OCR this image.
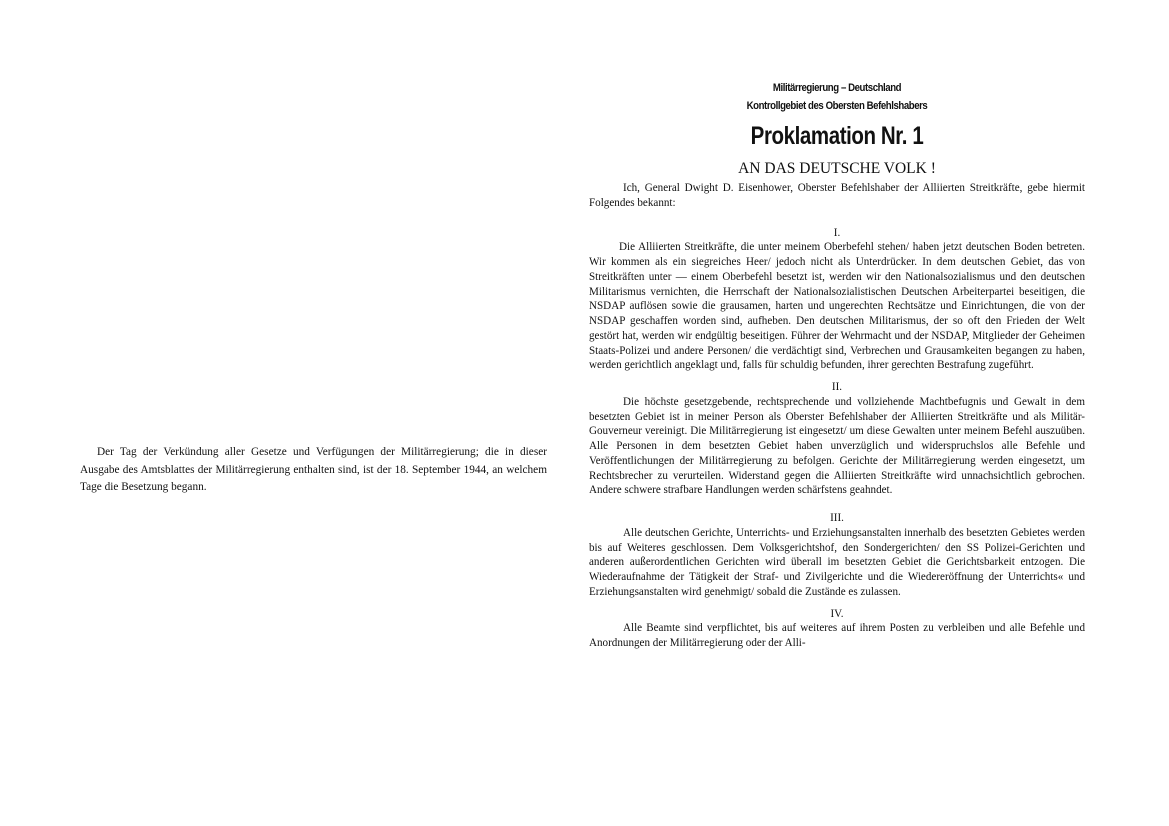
Der Tag der Verkündung aller Gesetze und Verfügungen der Militärregierung; die in dieser Ausgabe des Amtsblattes der Militärregierung enthalten sind, ist der 18. September 1944, an welchem Tage die Besetzung begann.

Militärregierung – Deutschland
Kontrollgebiet des Obersten Befehlshabers
Proklamation Nr. 1
AN DAS DEUTSCHE VOLK !

Ich, General Dwight D. Eisenhower, Oberster Befehlshaber der Alliierten Streitkräfte, gebe hiermit Folgendes bekannt:

I.

Die Alliierten Streitkräfte, die unter meinem Oberbefehl stehen/ haben jetzt deutschen Boden betreten. Wir kommen als ein siegreiches Heer/ jedoch nicht als Unterdrücker. In dem deutschen Gebiet, das von Streitkräften unter — einem Oberbefehl besetzt ist, werden wir den Nationalsozialismus und den deutschen Militarismus vernichten, die Herrschaft der Nationalsozialistischen Deutschen Arbeiterpartei beseitigen, die NSDAP auflösen sowie die grausamen, harten und ungerechten Rechtsätze und Einrichtungen, die von der NSDAP geschaffen worden sind, aufheben. Den deutschen Militarismus, der so oft den Frieden der Welt gestört hat, werden wir endgültig beseitigen. Führer der Wehrmacht und der NSDAP, Mitglieder der Geheimen Staats-Polizei und andere Personen/ die verdächtigt sind, Verbrechen und Grausamkeiten begangen zu haben, werden gerichtlich angeklagt und, falls für schuldig befunden, ihrer gerechten Bestrafung zugeführt.

II.

Die höchste gesetzgebende, rechtsprechende und vollziehende Machtbefugnis und Gewalt in dem besetzten Gebiet ist in meiner Person als Oberster Befehlshaber der Alliierten Streitkräfte und als Militär-Gouverneur vereinigt. Die Militärregierung ist eingesetzt/ um diese Gewalten unter meinem Befehl auszuüben. Alle Personen in dem besetzten Gebiet haben unverzüglich und widerspruchslos alle Befehle und Veröffentlichungen der Militärregierung zu befolgen. Gerichte der Militärregierung werden eingesetzt, um Rechtsbrecher zu verurteilen. Widerstand gegen die Alliierten Streitkräfte wird unnachsichtlich gebrochen. Andere schwere strafbare Handlungen werden schärfstens geahndet.

III.

Alle deutschen Gerichte, Unterrichts- und Erziehungsanstalten innerhalb des besetzten Gebietes werden bis auf Weiteres geschlossen. Dem Volksgerichtshof, den Sondergerichten/ den SS Polizei-Gerichten und anderen außerordentlichen Gerichten wird überall im besetzten Gebiet die Gerichtsbarkeit entzogen. Die Wiederaufnahme der Tätigkeit der Straf- und Zivilgerichte und die Wiedereröffnung der Unterrichts« und Erziehungsanstalten wird genehmigt/ sobald die Zustände es zulassen.

IV.

Alle Beamte sind verpflichtet, bis auf weiteres auf ihrem Posten zu verbleiben und alle Befehle und Anordnungen der Militärregierung oder der Alli-
